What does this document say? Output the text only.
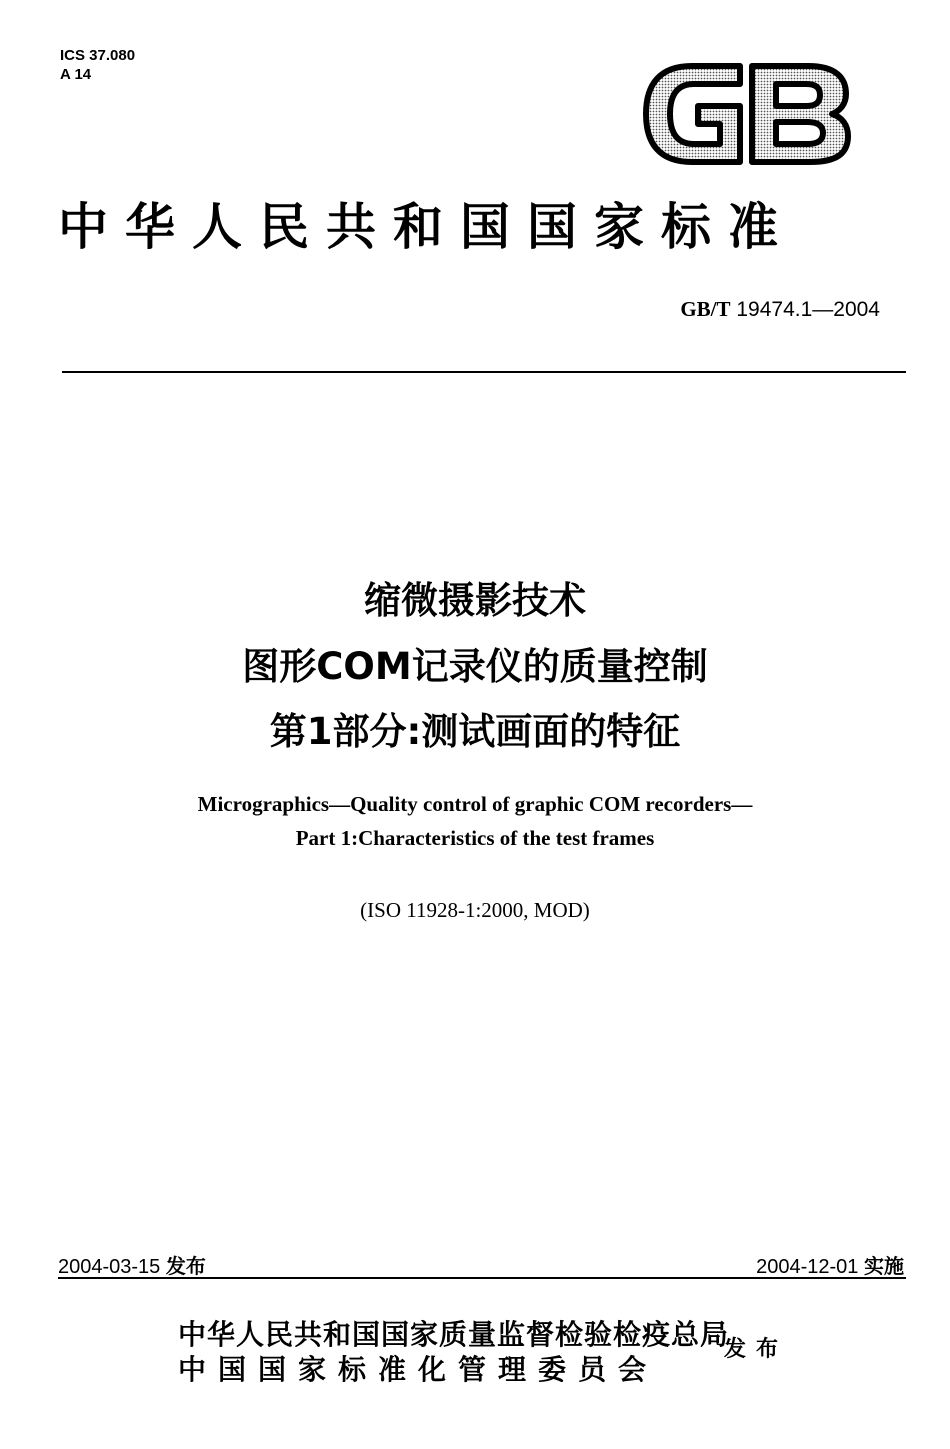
ICS 37.080
A 14
中华人民共和国国家标准
GB/T 19474.1—2004
缩微摄影技术
图形COM记录仪的质量控制
第1部分:测试画面的特征
Micrographics—Quality control of graphic COM recorders—
Part 1:Characteristics of the test frames
(ISO 11928-1:2000, MOD)
2004-03-15 发布	2004-12-01 实施
中华人民共和国国家质量监督检验检疫总局
中国国家标准化管理委员会
发布
